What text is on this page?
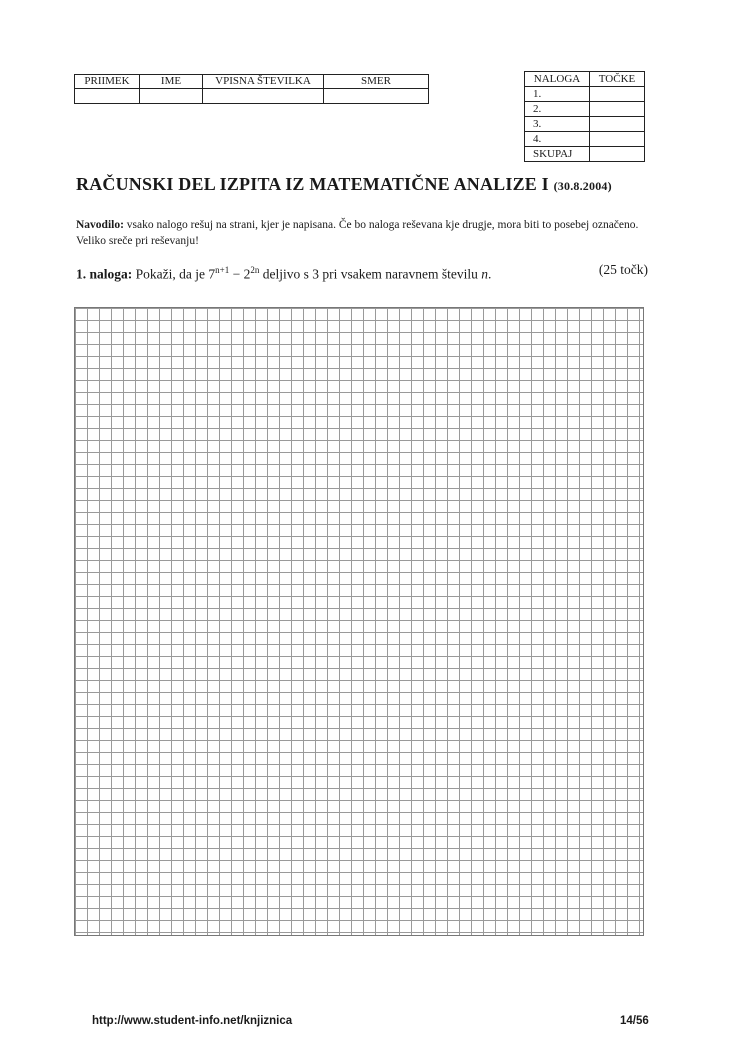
PRIIMEK	IME	VPISNA ŠTEVILKA	SMER
				NALOGA	TOČKE
1.	
2.	
3.	
4.	
SKUPAJ	
RAČUNSKI DEL IZPITA IZ MATEMATIČNE ANALIZE I (30.8.2004)
Navodilo: vsako nalogo rešuj na strani, kjer je napisana. Če bo naloga reševana kje drugje, mora biti to posebej označeno. Veliko sreče pri reševanju!
1. naloga: Pokaži, da je $7^{n+1} - 2^{2n}$ deljivo s 3 pri vsakem naravnem številu n.	(25 točk)
http://www.student-info.net/knjiznica	14/56
